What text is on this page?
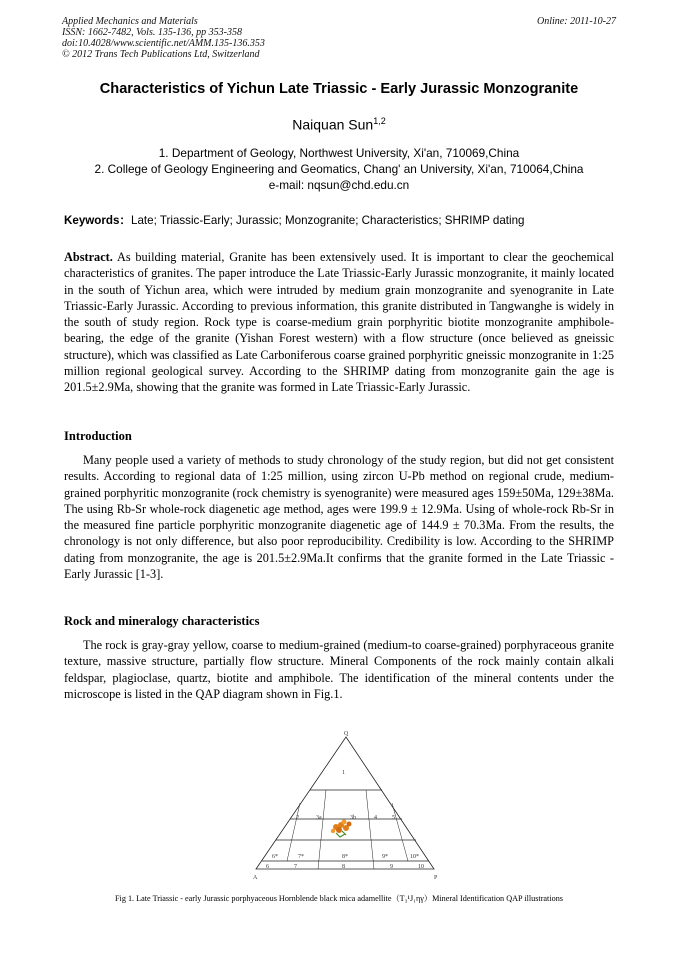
Applied Mechanics and Materials
ISSN: 1662-7482, Vols. 135-136, pp 353-358
doi:10.4028/www.scientific.net/AMM.135-136.353
© 2012 Trans Tech Publications Ltd, Switzerland
Online: 2011-10-27
Characteristics of Yichun Late Triassic - Early Jurassic Monzogranite
Naiquan Sun$^{1,2}$
1. Department of Geology, Northwest University, Xi'an, 710069,China
2. College of Geology Engineering and Geomatics, Chang' an University, Xi'an, 710064,China
e-mail: nqsun@chd.edu.cn
Keywords：Late; Triassic-Early; Jurassic; Monzogranite; Characteristics; SHRIMP dating
Abstract. As building material, Granite has been extensively used. It is important to clear the geochemical characteristics of granites. The paper introduce the Late Triassic-Early Jurassic monzogranite, it mainly located in the south of Yichun area, which were intruded by medium grain monzogranite and syenogranite in Late Triassic-Early Jurassic. According to previous information, this granite distributed in Tangwanghe is widely in the south of study region. Rock type is coarse-medium grain porphyritic biotite monzogranite amphibole-bearing, the edge of the granite (Yishan Forest western) with a flow structure (once believed as gneissic structure), which was classified as Late Carboniferous coarse grained porphyritic gneissic monzogranite in 1:25 million regional geological survey. According to the SHRIMP dating from monzogranite gain the age is 201.5±2.9Ma, showing that the granite was formed in Late Triassic-Early Jurassic.
Introduction
Many people used a variety of methods to study chronology of the study region, but did not get consistent results. According to regional data of 1:25 million, using zircon U-Pb method on regional crude, medium-grained porphyritic monzogranite (rock chemistry is syenogranite) were measured ages 159±50Ma, 129±38Ma. The using Rb-Sr whole-rock diagenetic age method, ages were 199.9 ± 12.9Ma. Using of whole-rock Rb-Sr in the measured fine particle porphyritic monzogranite diagenetic age of 144.9 ± 70.3Ma. From the results, the chronology is not only difference, but also poor reproducibility. Credibility is low. According to the SHRIMP dating from monzogranite, the age is 201.5±2.9Ma.It confirms that the granite formed in the Late Triassic - Early Jurassic [1-3].
Rock and mineralogy characteristics
The rock is gray-gray yellow, coarse to medium-grained (medium-to coarse-grained) porphyraceous granite texture, massive structure, partially flow structure. Mineral Components of the rock mainly contain alkali feldspar, plagioclase, quartz, biotite and amphibole. The identification of the mineral contents under the microscope is listed in the QAP diagram shown in Fig.1.
Q
A	P
1
2	3a	3b	4	5
6*	7*	8*	9*	10*
6	7	8	9	10
Fig 1. Late Triassic - early Jurassic porphyaceous Hornblende black mica adamellite（T₃¹J₁ηγ）Mineral Identification QAP illustrations
